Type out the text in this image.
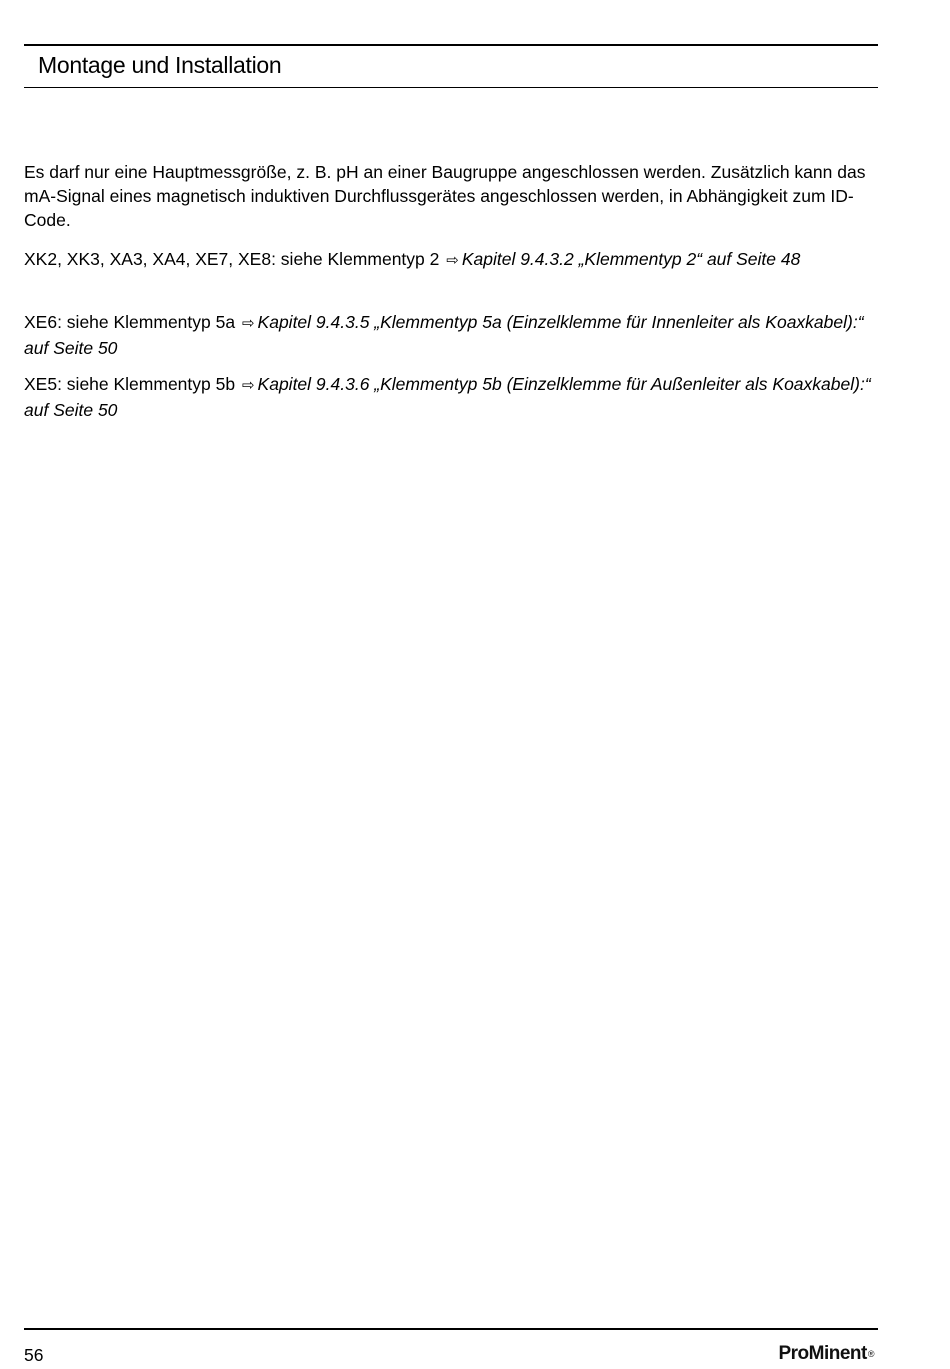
Montage und Installation

Es darf nur eine Hauptmessgröße, z. B. pH an einer Baugruppe angeschlossen werden. Zusätzlich kann das mA-Signal eines magnetisch induktiven Durchflussgerätes angeschlossen werden, in Abhängigkeit zum ID-Code.

XK2, XK3, XA3, XA4, XE7, XE8: siehe Klemmentyp 2 ⇨ Kapitel 9.4.3.2 „Klemmentyp 2“ auf Seite 48

XE6: siehe Klemmentyp 5a ⇨ Kapitel 9.4.3.5 „Klemmentyp 5a (Einzelklemme für Innenleiter als Koaxkabel):“ auf Seite 50

XE5: siehe Klemmentyp 5b ⇨ Kapitel 9.4.3.6 „Klemmentyp 5b (Einzelklemme für Außenleiter als Koaxkabel):“ auf Seite 50

56	ProMinent®
